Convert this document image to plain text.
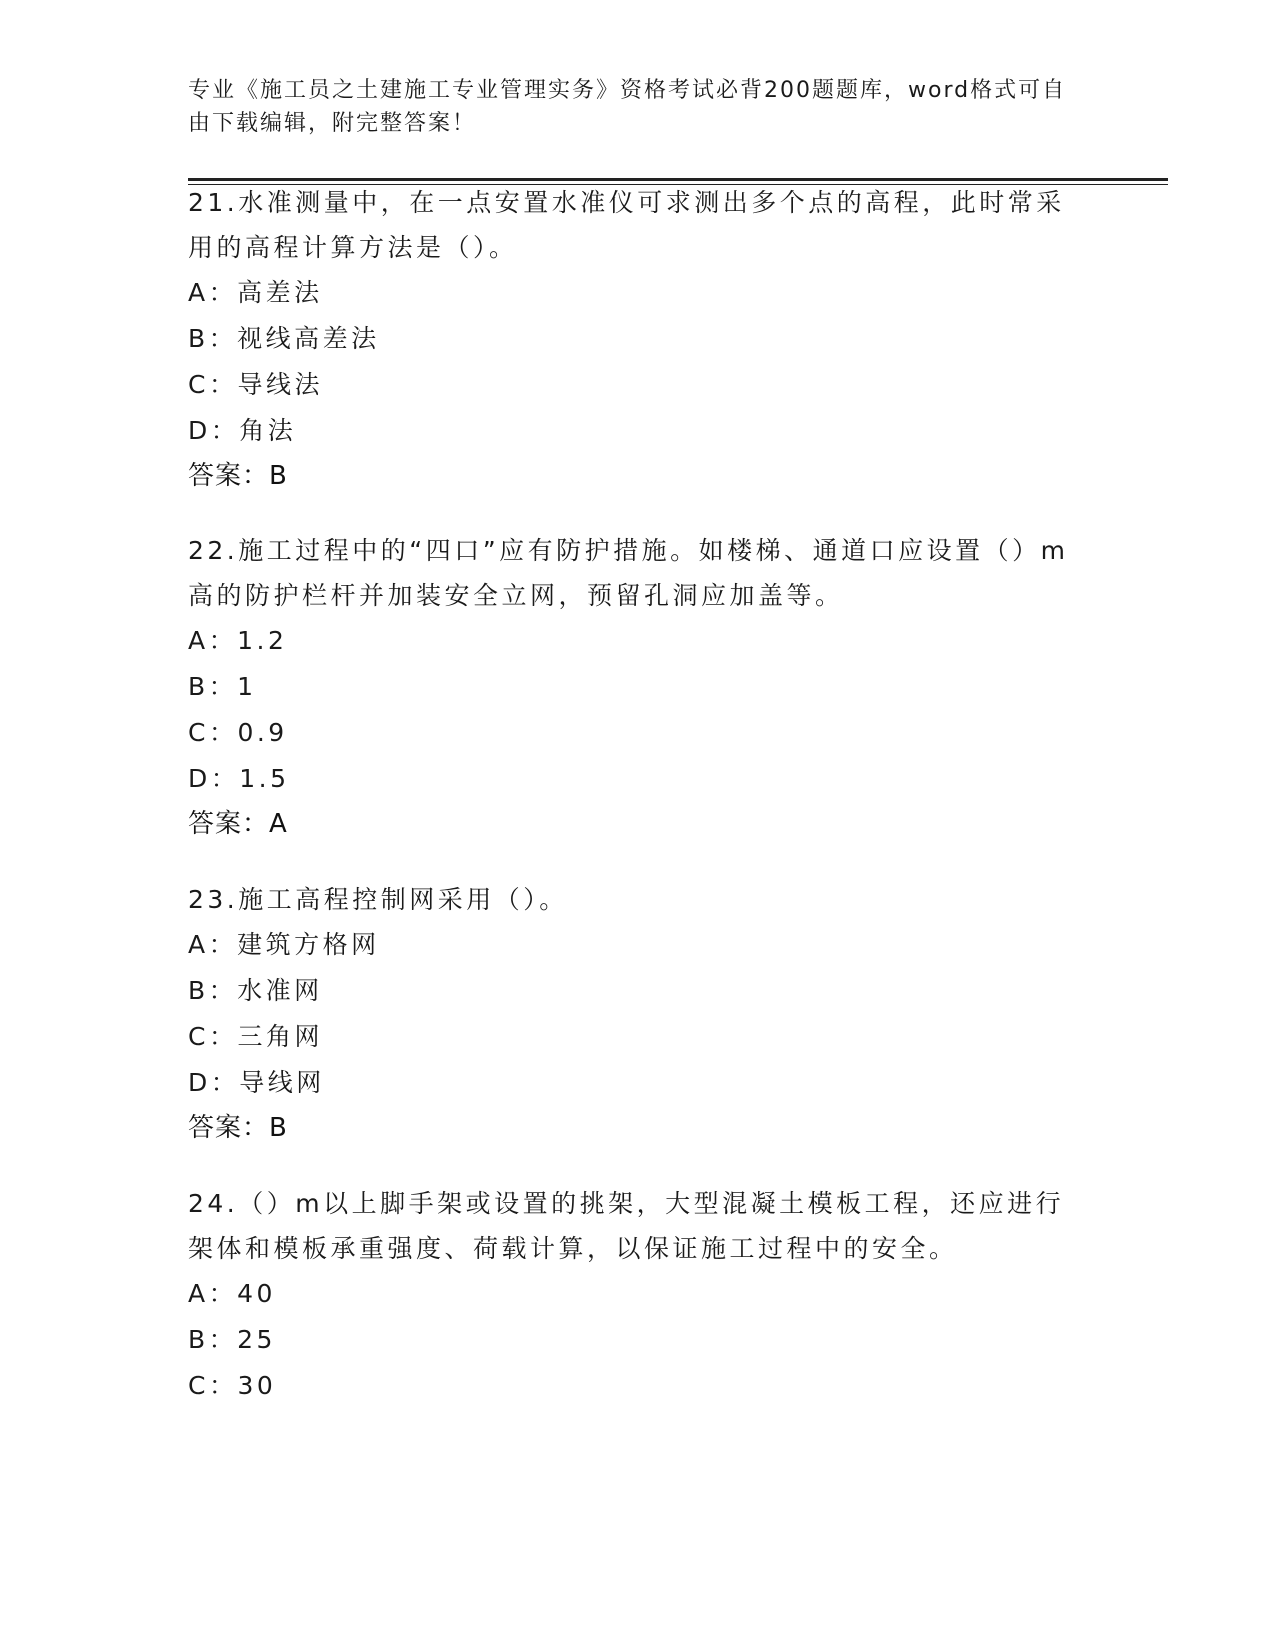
专业《施工员之土建施工专业管理实务》资格考试必背200题题库，word格式可自由下载编辑，附完整答案！

21.水准测量中，在一点安置水准仪可求测出多个点的高程，此时常采用的高程计算方法是（）。

A：高差法
B：视线高差法
C：导线法
D：角法
答案：B

22.施工过程中的“四口”应有防护措施。如楼梯、通道口应设置（）m高的防护栏杆并加装安全立网，预留孔洞应加盖等。

A：1.2
B：1
C：0.9
D：1.5
答案：A

23.施工高程控制网采用（）。

A：建筑方格网
B：水准网
C：三角网
D：导线网
答案：B

24.（）m以上脚手架或设置的挑架，大型混凝土模板工程，还应进行架体和模板承重强度、荷载计算，以保证施工过程中的安全。

A：40
B：25
C：30
